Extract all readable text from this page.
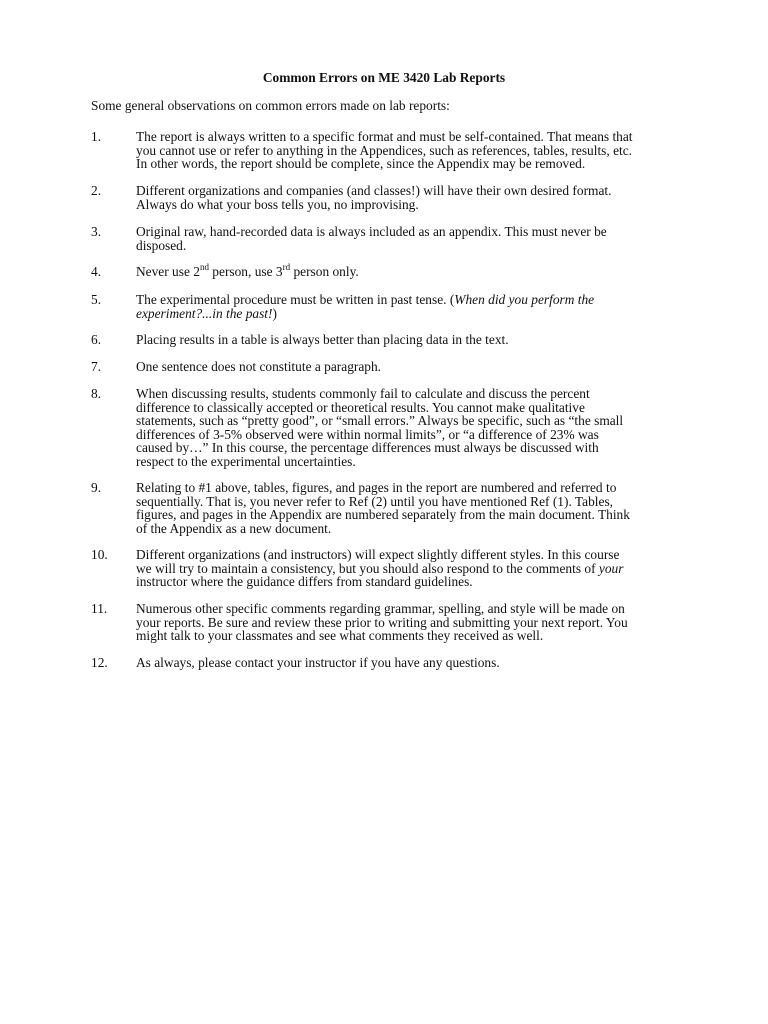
Common Errors on ME 3420 Lab Reports
Some general observations on common errors made on lab reports:
1.	The report is always written to a specific format and must be self-contained. That means that
you cannot use or refer to anything in the Appendices, such as references, tables, results, etc.
In other words, the report should be complete, since the Appendix may be removed.
2.	Different organizations and companies (and classes!) will have their own desired format.
Always do what your boss tells you, no improvising.
3.	Original raw, hand-recorded data is always included as an appendix. This must never be
disposed.
4.	Never use 2nd person, use 3rd person only.
5.	The experimental procedure must be written in past tense. (When did you perform the
experiment?...in the past!)
6.	Placing results in a table is always better than placing data in the text.
7.	One sentence does not constitute a paragraph.
8.	When discussing results, students commonly fail to calculate and discuss the percent
difference to classically accepted or theoretical results. You cannot make qualitative
statements, such as “pretty good”, or “small errors.” Always be specific, such as “the small
differences of 3-5% observed were within normal limits”, or “a difference of 23% was
caused by…” In this course, the percentage differences must always be discussed with
respect to the experimental uncertainties.
9.	Relating to #1 above, tables, figures, and pages in the report are numbered and referred to
sequentially. That is, you never refer to Ref (2) until you have mentioned Ref (1). Tables,
figures, and pages in the Appendix are numbered separately from the main document. Think
of the Appendix as a new document.
10.	Different organizations (and instructors) will expect slightly different styles. In this course
we will try to maintain a consistency, but you should also respond to the comments of your
instructor where the guidance differs from standard guidelines.
11.	Numerous other specific comments regarding grammar, spelling, and style will be made on
your reports. Be sure and review these prior to writing and submitting your next report. You
might talk to your classmates and see what comments they received as well.
12.	As always, please contact your instructor if you have any questions.
